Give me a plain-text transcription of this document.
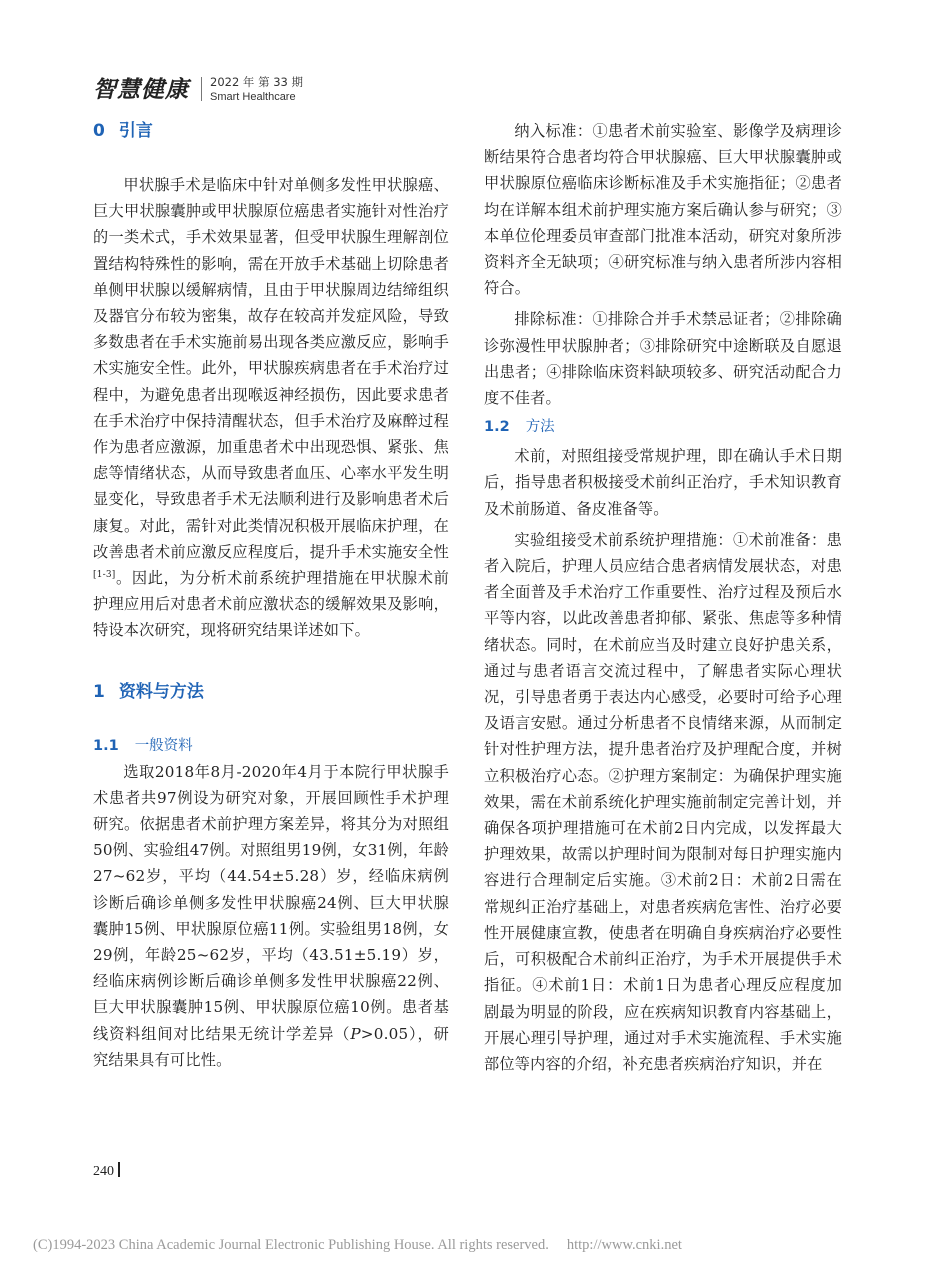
智慧健康	2022 年 第 33 期
Smart Healthcare
0 引言

甲状腺手术是临床中针对单侧多发性甲状腺癌、巨大甲状腺囊肿或甲状腺原位癌患者实施针对性治疗的一类术式，手术效果显著，但受甲状腺生理解剖位置结构特殊性的影响，需在开放手术基础上切除患者单侧甲状腺以缓解病情，且由于甲状腺周边结缔组织及器官分布较为密集，故存在较高并发症风险，导致多数患者在手术实施前易出现各类应激反应，影响手术实施安全性。此外，甲状腺疾病患者在手术治疗过程中，为避免患者出现喉返神经损伤，因此要求患者在手术治疗中保持清醒状态，但手术治疗及麻醉过程作为患者应激源，加重患者术中出现恐惧、紧张、焦虑等情绪状态，从而导致患者血压、心率水平发生明显变化，导致患者手术无法顺利进行及影响患者术后康复。对此，需针对此类情况积极开展临床护理，在改善患者术前应激反应程度后，提升手术实施安全性[1-3]。因此，为分析术前系统护理措施在甲状腺术前护理应用后对患者术前应激状态的缓解效果及影响，特设本次研究，现将研究结果详述如下。

1 资料与方法
1.1 一般资料

选取2018年8月-2020年4月于本院行甲状腺手术患者共97例设为研究对象，开展回顾性手术护理研究。依据患者术前护理方案差异，将其分为对照组50例、实验组47例。对照组男19例，女31例，年龄27~62岁，平均（44.54±5.28）岁，经临床病例诊断后确诊单侧多发性甲状腺癌24例、巨大甲状腺囊肿15例、甲状腺原位癌11例。实验组男18例，女29例，年龄25~62岁，平均（43.51±5.19）岁，经临床病例诊断后确诊单侧多发性甲状腺癌22例、巨大甲状腺囊肿15例、甲状腺原位癌10例。患者基线资料组间对比结果无统计学差异（P>0.05），研究结果具有可比性。

纳入标准：①患者术前实验室、影像学及病理诊断结果符合患者均符合甲状腺癌、巨大甲状腺囊肿或甲状腺原位癌临床诊断标准及手术实施指征；②患者均在详解本组术前护理实施方案后确认参与研究；③本单位伦理委员审查部门批准本活动，研究对象所涉资料齐全无缺项；④研究标准与纳入患者所涉内容相符合。

排除标准：①排除合并手术禁忌证者；②排除确诊弥漫性甲状腺肿者；③排除研究中途断联及自愿退出患者；④排除临床资料缺项较多、研究活动配合力度不佳者。

1.2 方法

术前，对照组接受常规护理，即在确认手术日期后，指导患者积极接受术前纠正治疗，手术知识教育及术前肠道、备皮准备等。

实验组接受术前系统护理措施：①术前准备：患者入院后，护理人员应结合患者病情发展状态，对患者全面普及手术治疗工作重要性、治疗过程及预后水平等内容，以此改善患者抑郁、紧张、焦虑等多种情绪状态。同时，在术前应当及时建立良好护患关系，通过与患者语言交流过程中，了解患者实际心理状况，引导患者勇于表达内心感受，必要时可给予心理及语言安慰。通过分析患者不良情绪来源，从而制定针对性护理方法，提升患者治疗及护理配合度，并树立积极治疗心态。②护理方案制定：为确保护理实施效果，需在术前系统化护理实施前制定完善计划，并确保各项护理措施可在术前2日内完成，以发挥最大护理效果，故需以护理时间为限制对每日护理实施内容进行合理制定后实施。③术前2日：术前2日需在常规纠正治疗基础上，对患者疾病危害性、治疗必要性开展健康宣教，使患者在明确自身疾病治疗必要性后，可积极配合术前纠正治疗，为手术开展提供手术指征。④术前1日：术前1日为患者心理反应程度加剧最为明显的阶段，应在疾病知识教育内容基础上，开展心理引导护理，通过对手术实施流程、手术实施部位等内容的介绍，补充患者疾病治疗知识，并在

240
(C)1994-2023 China Academic Journal Electronic Publishing House. All rights reserved. http://www.cnki.net
